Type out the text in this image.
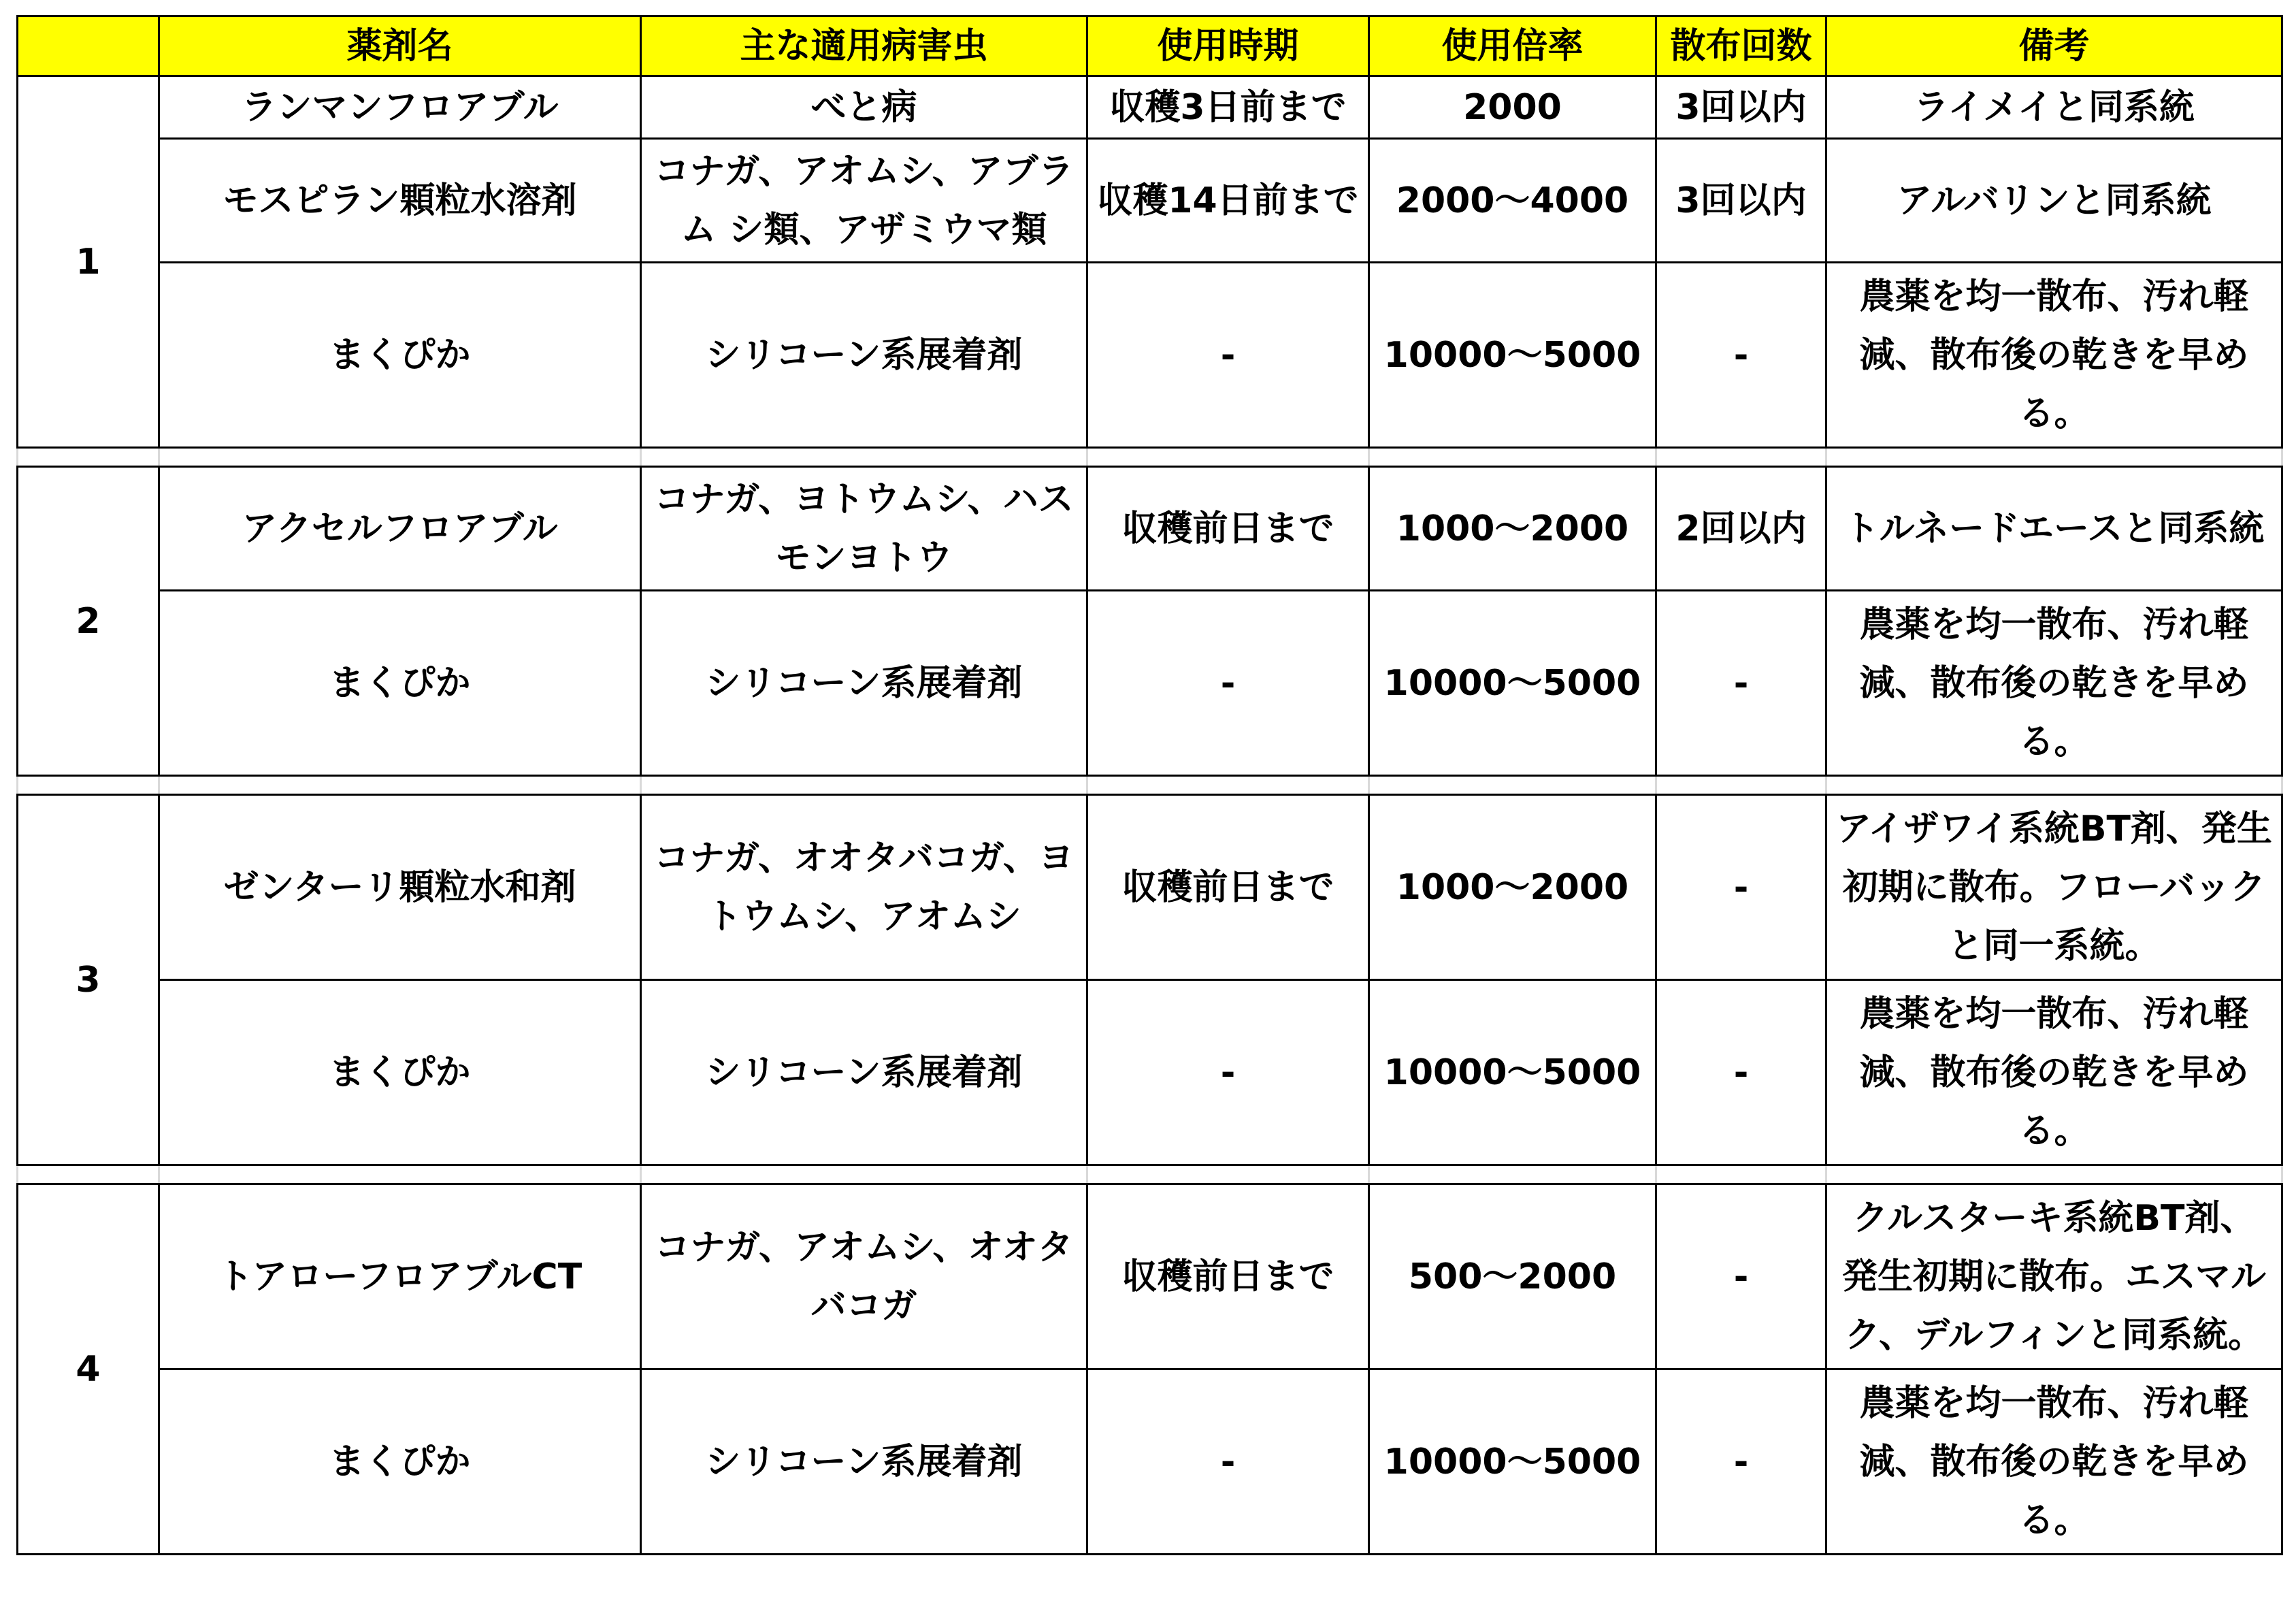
	薬剤名	主な適用病害虫	使用時期	使用倍率	散布回数	備考
1	ランマンフロアブル	べと病	収穫3日前まで	2000	3回以内	ライメイと同系統
	モスピラン顆粒水溶剤	コナガ、アオムシ、アブラム シ類、アザミウマ類	収穫14日前まで	2000～4000	3回以内	アルバリンと同系統
	まくぴか	シリコーン系展着剤	-	10000～5000	-	農薬を均一散布、汚れ軽減、散布後の乾きを早める。

2	アクセルフロアブル	コナガ、ヨトウムシ、ハスモンヨトウ	収穫前日まで	1000～2000	2回以内	トルネードエースと同系統
	まくぴか	シリコーン系展着剤	-	10000～5000	-	農薬を均一散布、汚れ軽減、散布後の乾きを早める。

3	ゼンターリ顆粒水和剤	コナガ、オオタバコガ、ヨ トウムシ、アオムシ	収穫前日まで	1000～2000	-	アイザワイ系統BT剤、発生初期に散布。フローバックと同一系統。
	まくぴか	シリコーン系展着剤	-	10000～5000	-	農薬を均一散布、汚れ軽減、散布後の乾きを早める。

4	トアローフロアブルCT	コナガ、アオムシ、オオタバコガ	収穫前日まで	500～2000	-	クルスターキ系統BT剤、発生初期に散布。エスマルク、デルフィンと同系統。
	まくぴか	シリコーン系展着剤	-	10000～5000	-	農薬を均一散布、汚れ軽減、散布後の乾きを早める。
